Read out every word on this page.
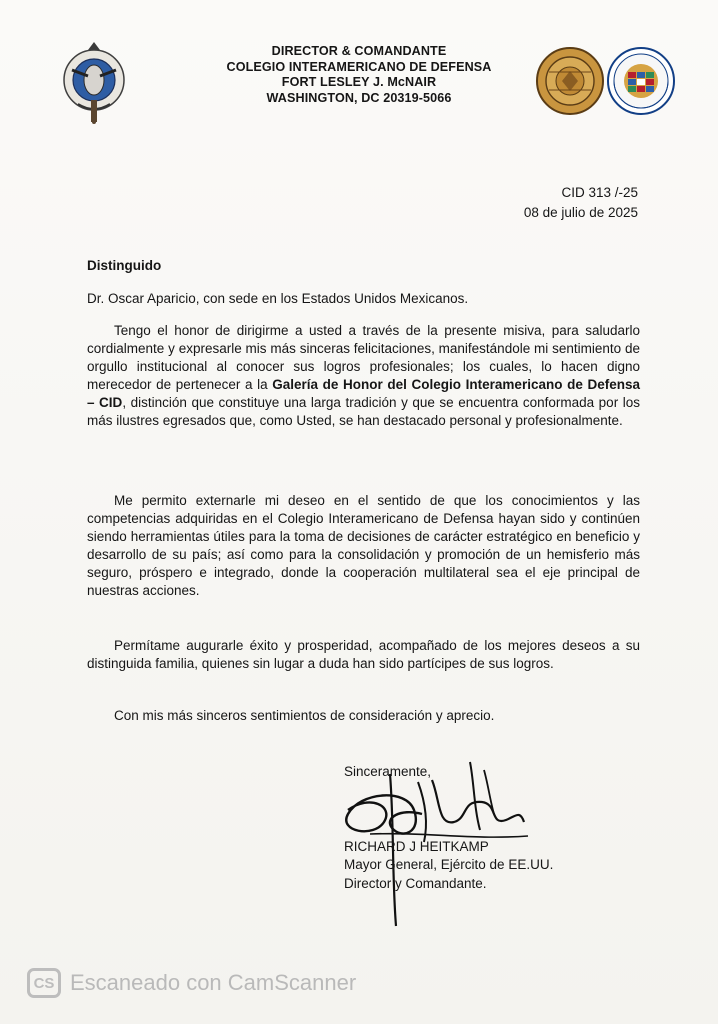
DIRECTOR & COMANDANTE
COLEGIO INTERAMERICANO DE DEFENSA
FORT LESLEY J. McNAIR
WASHINGTON, DC 20319-5066
CID 313 /-25
08 de julio de 2025
Distinguido
Dr. Oscar Aparicio, con sede en los Estados Unidos Mexicanos.

Tengo el honor de dirigirme a usted a través de la presente misiva, para saludarlo cordialmente y expresarle mis más sinceras felicitaciones, manifestándole mi sentimiento de orgullo institucional al conocer sus logros profesionales; los cuales, lo hacen digno merecedor de pertenecer a la Galería de Honor del Colegio Interamericano de Defensa – CID, distinción que constituye una larga tradición y que se encuentra conformada por los más ilustres egresados que, como Usted, se han destacado personal y profesionalmente.

Me permito externarle mi deseo en el sentido de que los conocimientos y las competencias adquiridas en el Colegio Interamericano de Defensa hayan sido y continúen siendo herramientas útiles para la toma de decisiones de carácter estratégico en beneficio y desarrollo de su país; así como para la consolidación y promoción de un hemisferio más seguro, próspero e integrado, donde la cooperación multilateral sea el eje principal de nuestras acciones.

Permítame augurarle éxito y prosperidad, acompañado de los mejores deseos a su distinguida familia, quienes sin lugar a duda han sido partícipes de sus logros.

Con mis más sinceros sentimientos de consideración y aprecio.
Sinceramente,
RICHARD J HEITKAMP
Mayor General, Ejército de EE.UU.
Director y Comandante.
CS Escaneado con CamScanner
